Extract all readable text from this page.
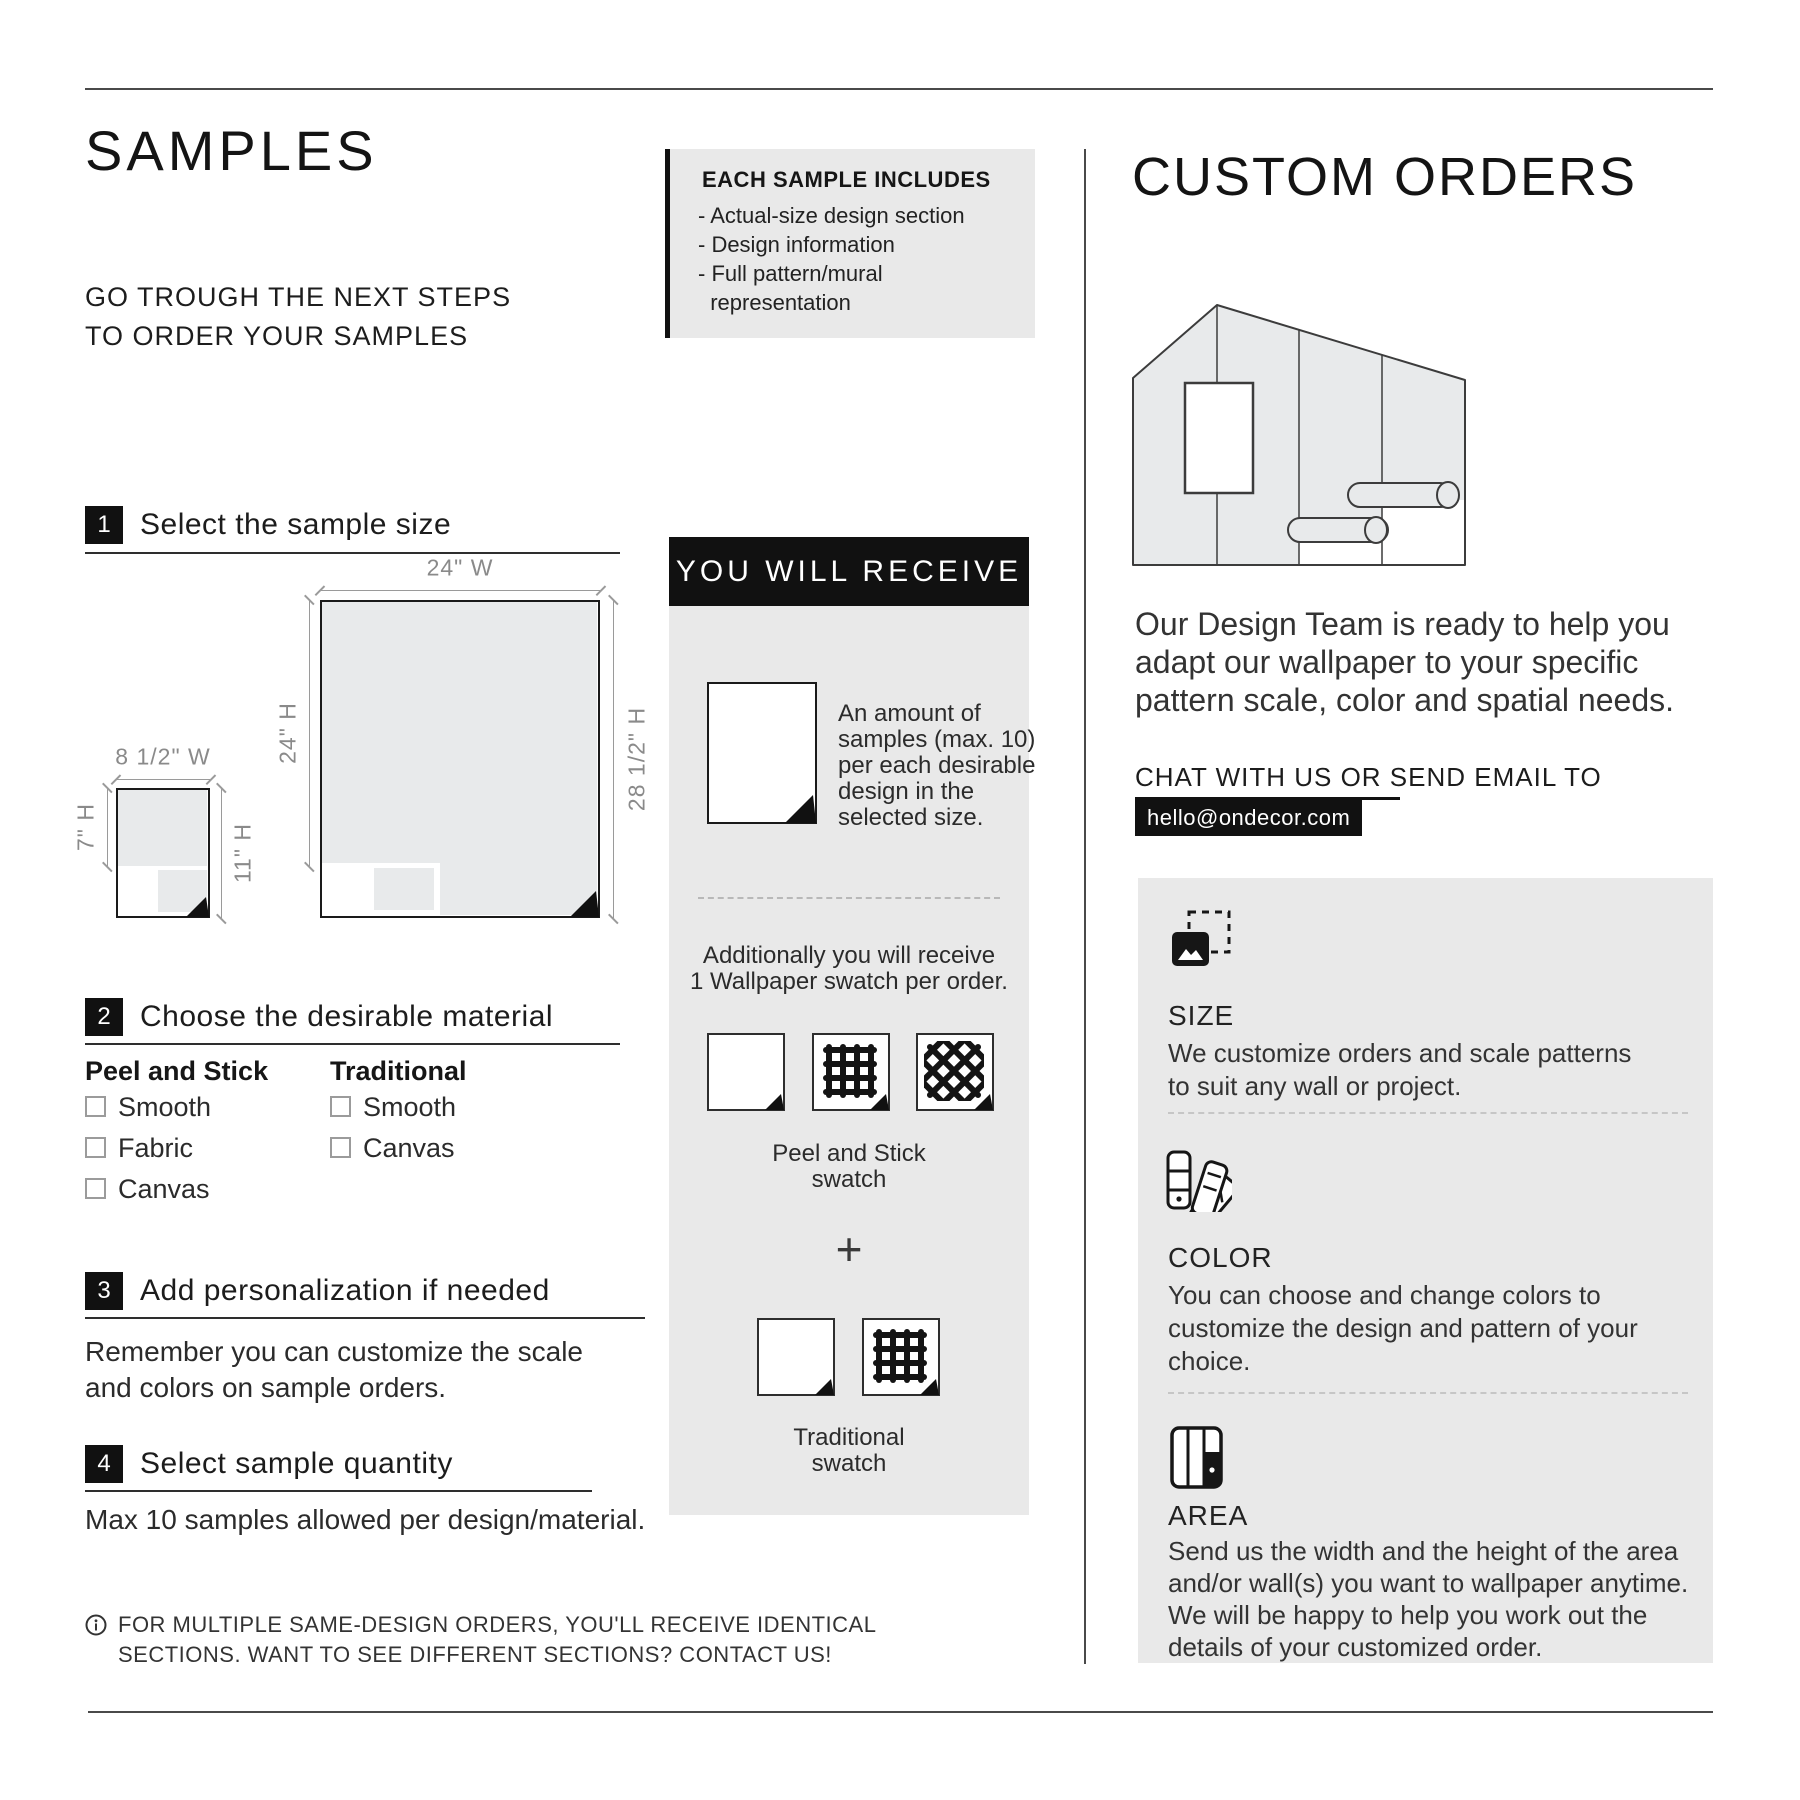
SAMPLES
GO TROUGH THE NEXT STEPS
TO ORDER YOUR SAMPLES
EACH SAMPLE INCLUDES
- Actual-size design section
- Design information
- Full pattern/mural
representation
1 Select the sample size
8 1/2" W
7" H	11" H
24" W
24" H	28 1/2" H
2 Choose the desirable material
Peel and Stick Traditional
Smooth
Fabric
Canvas
Smooth
Canvas
3 Add personalization if needed
Remember you can customize the scale
and colors on sample orders.
4 Select sample quantity
Max 10 samples allowed per design/material.
FOR MULTIPLE SAME-DESIGN ORDERS, YOU'LL RECEIVE IDENTICAL
SECTIONS. WANT TO SEE DIFFERENT SECTIONS? CONTACT US!
YOU WILL RECEIVE
An amount of
samples (max. 10)
per each desirable
design in the
selected size.
Additionally you will receive
1 Wallpaper swatch per order.
Peel and Stick
swatch
+
Traditional
swatch
CUSTOM ORDERS
Our Design Team is ready to help you
adapt our wallpaper to your specific
pattern scale, color and spatial needs.
CHAT WITH US OR SEND EMAIL TO
hello@ondecor.com
SIZE
We customize orders and scale patterns
to suit any wall or project.
COLOR
You can choose and change colors to
customize the design and pattern of your
choice.
AREA
Send us the width and the height of the area
and/or wall(s) you want to wallpaper anytime.
We will be happy to help you work out the
details of your customized order.
